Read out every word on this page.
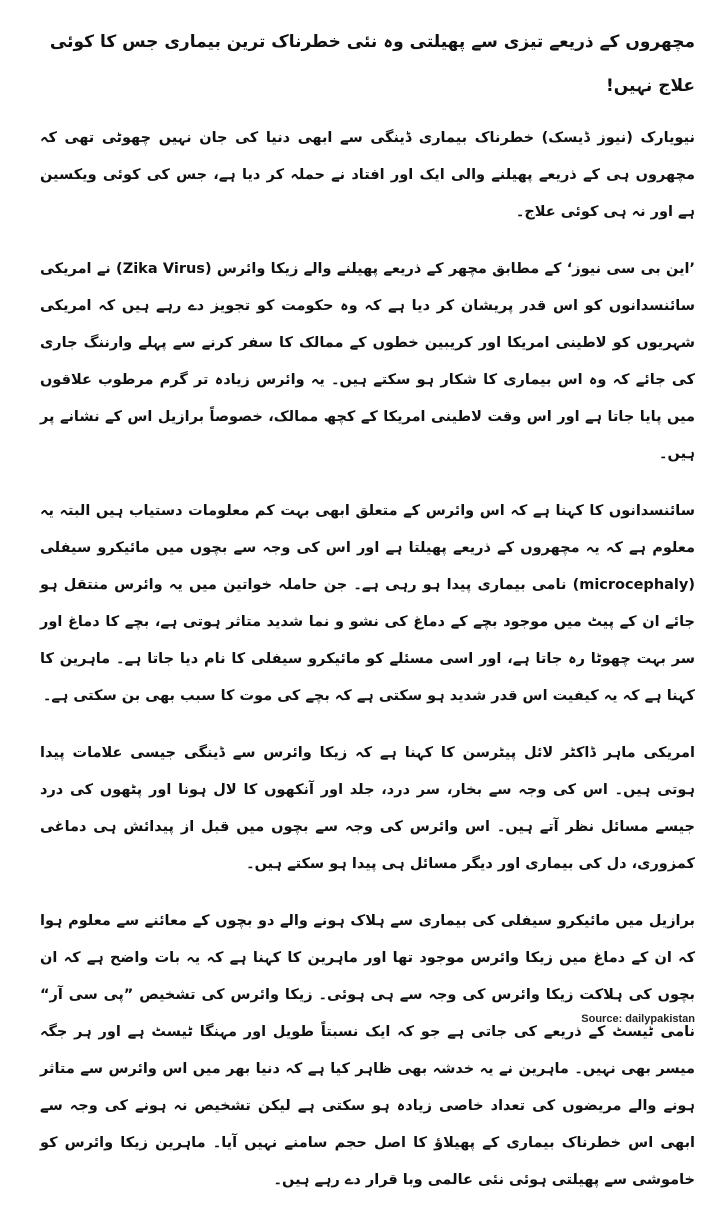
مچھروں کے ذریعے تیزی سے پھیلتی وہ نئی خطرناک ترین بیماری جس کا کوئی علاج نہیں!

نیویارک (نیوز ڈیسک) خطرناک بیماری ڈینگی سے ابھی دنیا کی جان نہیں چھوٹی تھی کہ مچھروں ہی کے ذریعے پھیلنے والی ایک اور افتاد نے حملہ کر دیا ہے، جس کی کوئی ویکسین ہے اور نہ ہی کوئی علاج۔

’این بی سی نیوز‘ کے مطابق مچھر کے ذریعے پھیلنے والے زیکا وائرس (Zika Virus) نے امریکی سائنسدانوں کو اس قدر پریشان کر دیا ہے کہ وہ حکومت کو تجویز دے رہے ہیں کہ امریکی شہریوں کو لاطینی امریکا اور کریبین خطوں کے ممالک کا سفر کرنے سے پہلے وارننگ جاری کی جائے کہ وہ اس بیماری کا شکار ہو سکتے ہیں۔ یہ وائرس زیادہ تر گرم مرطوب علاقوں میں پایا جاتا ہے اور اس وقت لاطینی امریکا کے کچھ ممالک، خصوصاً برازیل اس کے نشانے پر ہیں۔

سائنسدانوں کا کہنا ہے کہ اس وائرس کے متعلق ابھی بہت کم معلومات دستیاب ہیں البتہ یہ معلوم ہے کہ یہ مچھروں کے ذریعے پھیلتا ہے اور اس کی وجہ سے بچوں میں مائیکرو سیفلی (microcephaly) نامی بیماری پیدا ہو رہی ہے۔ جن حاملہ خواتین میں یہ وائرس منتقل ہو جائے ان کے پیٹ میں موجود بچے کے دماغ کی نشو و نما شدید متاثر ہوتی ہے، بچے کا دماغ اور سر بہت چھوٹا رہ جاتا ہے، اور اسی مسئلے کو مائیکرو سیفلی کا نام دیا جاتا ہے۔ ماہرین کا کہنا ہے کہ یہ کیفیت اس قدر شدید ہو سکتی ہے کہ بچے کی موت کا سبب بھی بن سکتی ہے۔

امریکی ماہر ڈاکٹر لائل پیٹرسن کا کہنا ہے کہ زیکا وائرس سے ڈینگی جیسی علامات پیدا ہوتی ہیں۔ اس کی وجہ سے بخار، سر درد، جلد اور آنکھوں کا لال ہونا اور پٹھوں کی درد جیسے مسائل نظر آتے ہیں۔ اس وائرس کی وجہ سے بچوں میں قبل از پیدائش ہی دماغی کمزوری، دل کی بیماری اور دیگر مسائل ہی پیدا ہو سکتے ہیں۔

برازیل میں مائیکرو سیفلی کی بیماری سے ہلاک ہونے والے دو بچوں کے معائنے سے معلوم ہوا کہ ان کے دماغ میں زیکا وائرس موجود تھا اور ماہرین کا کہنا ہے کہ یہ بات واضح ہے کہ ان بچوں کی ہلاکت زیکا وائرس کی وجہ سے ہی ہوئی۔ زیکا وائرس کی تشخیص ”پی سی آر“ نامی ٹیسٹ کے ذریعے کی جاتی ہے جو کہ ایک نسبتاً طویل اور مہنگا ٹیسٹ ہے اور ہر جگہ میسر بھی نہیں۔ ماہرین نے یہ خدشہ بھی ظاہر کیا ہے کہ دنیا بھر میں اس وائرس سے متاثر ہونے والے مریضوں کی تعداد خاصی زیادہ ہو سکتی ہے لیکن تشخیص نہ ہونے کی وجہ سے ابھی اس خطرناک بیماری کے پھیلاؤ کا اصل حجم سامنے نہیں آیا۔ ماہرین زیکا وائرس کو خاموشی سے پھیلتی ہوئی نئی عالمی وبا قرار دے رہے ہیں۔

Source: dailypakistan
